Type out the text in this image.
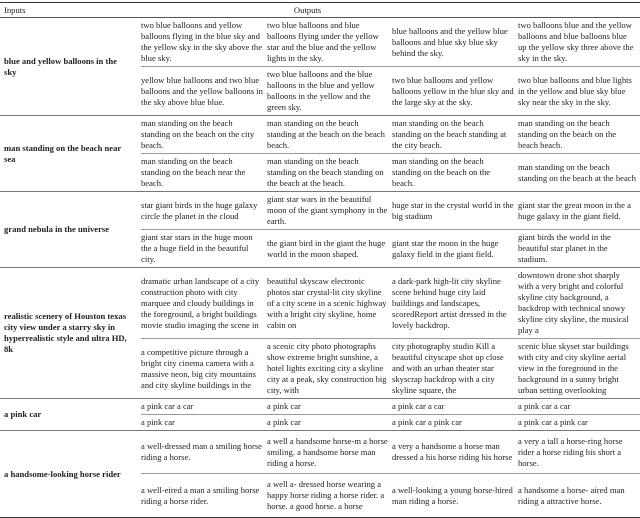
Inputs	Outputs			
blue and yellow balloons in the sky	two blue balloons and yellow balloons flying in the blue sky and the yellow sky in the sky above the blue sky.	two blue balloons and blue balloons flying under the yellow star and the blue and the yellow lights in the sky.	blue balloons and the yellow blue balloons and blue sky blue sky behind the sky.	two balloons blue and the yellow balloons and blue balloons blue up the yellow sky three above the sky in the sky.
	yellow blue balloons and two blue balloons and the yellow balloons in the sky above blue blue.	two blue balloons and the blue balloons in the blue and yellow balloons in the yellow and the green sky.	two blue balloons and yellow balloons yellow in the blue sky and the large sky at the sky.	two blue balloons and blue lights in the yellow and blue sky blue sky near the sky in the sky.
man standing on the beach near sea	man standing on the beach standing on the beach on the city beach.	man standing on the beach standing at the beach on the beach beach.	man standing on the beach standing on the beach standing at the city beach.	man standing on the beach standing on the beach on the beach beach.
	man standing on the beach standing on the beach near the beach.	man standing on the beach standing on the beach standing on the beach at the beach.	man standing on the beach standing on the beach on the beach.	man standing on the beach standing on the beach at the beach
grand nebula in the universe	star giant birds in the huge galaxy circle the planet in the cloud	giant star wars in the beautiful moon of the giant symphony in the earth.	huge star in the crystal world in the big stadium	giant star the great moon in the a huge galaxy in the giant field.
	giant star stars in the huge moon the a huge field in the beautiful city.	the giant bird in the giant the huge world in the moon shaped.	giant star the moon in the huge galaxy field in the giant field.	giant birds the world in the beautiful star planet in the stadium.
realistic scenery of Houston texas city view under a starry sky in hyperrealistic style and ultra HD, 8k	dramatic urban landscape of a city construction photo with city marquee and cloudy buildings in the foreground, a bright buildings movie studio imaging the scene in	beautiful skyscaw electronic photos star crystal-lit city skyline of a city scene in a scenic highway with a bright city skyline, home cabin on	a dark-park high-lit city skyline scene behind huge city laid buildings and landscapes, scoredReport artist dressed in the lovely backdrop.	downtown drone shot sharply with a very bright and colorful skyline city background, a backdrop with technical snowy skyline city skyline, the musical play a
	a competitive picture through a bright city cinema camera with a massive neon, big city mountains and city skyline buildings in the	a scenic city photo photographs show extreme bright sunshine, a hotel lights exciting city a skyline city at a peak, sky construction big city, with	city photography studio Kill a beautiful cityscape shot up close and with an urban theater star skyscrap backdrop with a city skyline square, the	scenic blue skyset star buildings with city and city skyline aerial view in the foreground in the background in a sunny bright urban setting overlooking
a pink car	a pink car a car	a pink car	a pink car a car	a pink car a car
	a pink car	a pink car	a pink car a pink car	a pink car a pink car
a handsome-looking horse rider	a well-dressed man a smiling horse riding a horse.	a well a handsome horse-m a horse smiling. a handsome horse man riding a horse.	a very a handsome a horse man dressed a his horse riding his horse	a very a tall a horse-ring horse rider a horse riding his short a horse.
	a well-eired a man a smiling horse riding a horse rider.	a well a- dressed horse wearing a happy horse riding a horse rider. a horse. a good horse. a horse	a well-looking a young horse-hired man riding a horse.	a handsome a horse- aired man riding a attractive horse.
